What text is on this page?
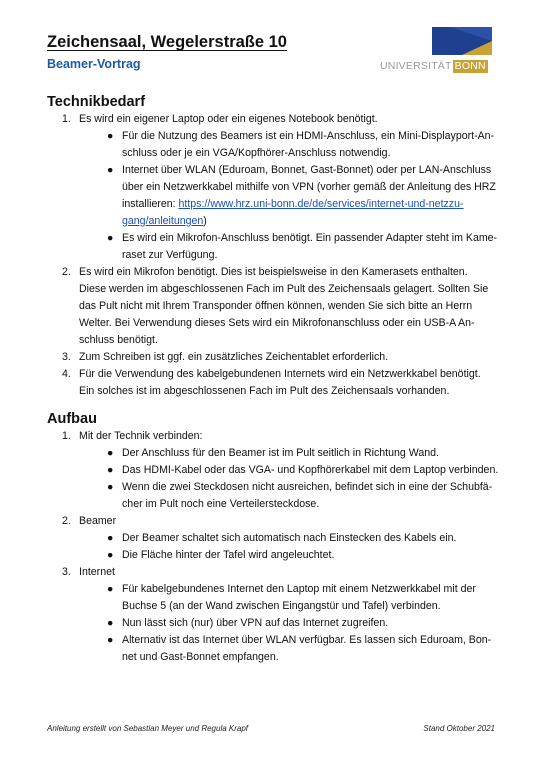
Zeichensaal, Wegelerstraße 10
Beamer-Vortrag	UNIVERSITÄT BONN
Technikbedarf
1. Es wird ein eigener Laptop oder ein eigenes Notebook benötigt.
● Für die Nutzung des Beamers ist ein HDMI-Anschluss, ein Mini-Displayport-An-
schluss oder je ein VGA/Kopfhörer-Anschluss notwendig.
● Internet über WLAN (Eduroam, Bonnet, Gast-Bonnet) oder per LAN-Anschluss
über ein Netzwerkkabel mithilfe von VPN (vorher gemäß der Anleitung des HRZ
installieren: https://www.hrz.uni-bonn.de/de/services/internet-und-netzzu-
gang/anleitungen)
● Es wird ein Mikrofon-Anschluss benötigt. Ein passender Adapter steht im Kame-
raset zur Verfügung.
2. Es wird ein Mikrofon benötigt. Dies ist beispielsweise in den Kamerasets enthalten.
Diese werden im abgeschlossenen Fach im Pult des Zeichensaals gelagert. Sollten Sie
das Pult nicht mit Ihrem Transponder öffnen können, wenden Sie sich bitte an Herrn
Welter. Bei Verwendung dieses Sets wird ein Mikrofonanschluss oder ein USB-A An-
schluss benötigt.
3. Zum Schreiben ist ggf. ein zusätzliches Zeichentablet erforderlich.
4. Für die Verwendung des kabelgebundenen Internets wird ein Netzwerkkabel benötigt.
Ein solches ist im abgeschlossenen Fach im Pult des Zeichensaals vorhanden.
Aufbau
1. Mit der Technik verbinden:
● Der Anschluss für den Beamer ist im Pult seitlich in Richtung Wand.
● Das HDMI-Kabel oder das VGA- und Kopfhörerkabel mit dem Laptop verbinden.
● Wenn die zwei Steckdosen nicht ausreichen, befindet sich in eine der Schubfä-
cher im Pult noch eine Verteilersteckdose.
2. Beamer
● Der Beamer schaltet sich automatisch nach Einstecken des Kabels ein.
● Die Fläche hinter der Tafel wird angeleuchtet.
3. Internet
● Für kabelgebundenes Internet den Laptop mit einem Netzwerkkabel mit der
Buchse 5 (an der Wand zwischen Eingangstür und Tafel) verbinden.
● Nun lässt sich (nur) über VPN auf das Internet zugreifen.
● Alternativ ist das Internet über WLAN verfügbar. Es lassen sich Eduroam, Bon-
net und Gast-Bonnet empfangen.
Anleitung erstellt von Sebastian Meyer und Regula Krapf	Stand Oktober 2021
